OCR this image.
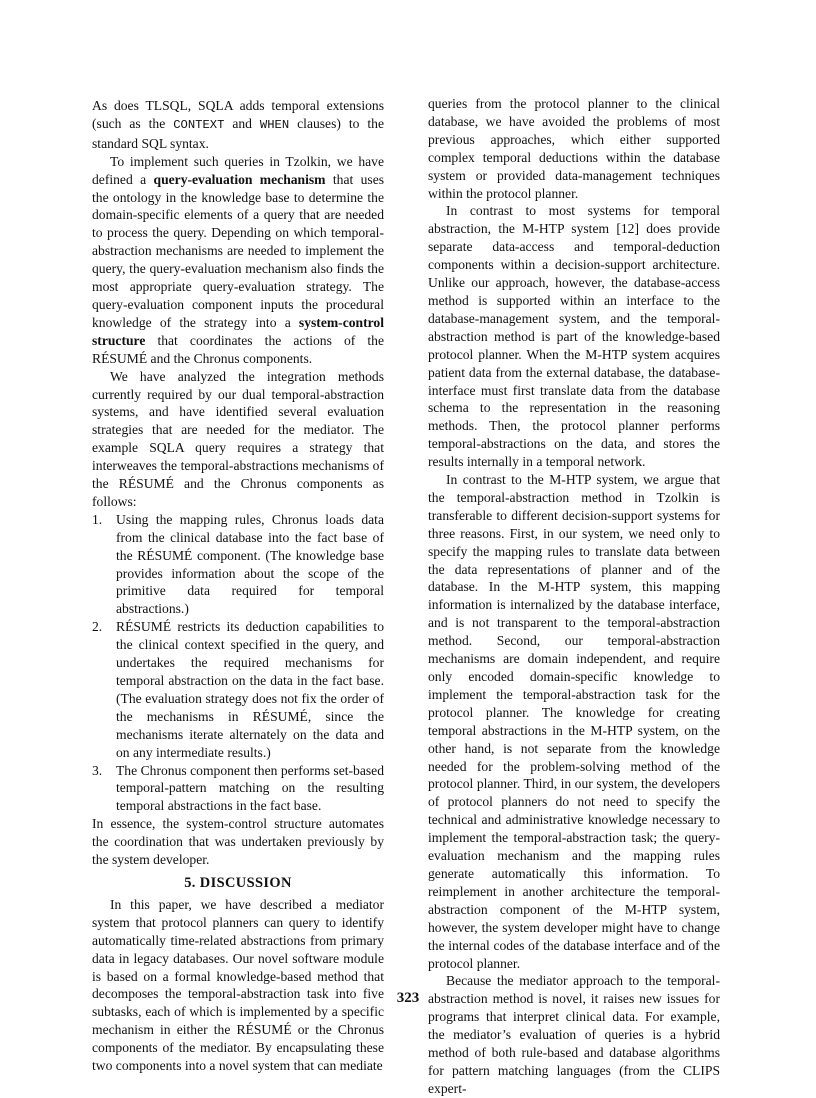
As does TLSQL, SQLA adds temporal extensions (such as the CONTEXT and WHEN clauses) to the standard SQL syntax.

To implement such queries in Tzolkin, we have defined a query-evaluation mechanism that uses the ontology in the knowledge base to determine the domain-specific elements of a query that are needed to process the query. Depending on which temporal-abstraction mechanisms are needed to implement the query, the query-evaluation mechanism also finds the most appropriate query-evaluation strategy. The query-evaluation component inputs the procedural knowledge of the strategy into a system-control structure that coordinates the actions of the RÉSUMÉ and the Chronus components.

We have analyzed the integration methods currently required by our dual temporal-abstraction systems, and have identified several evaluation strategies that are needed for the mediator. The example SQLA query requires a strategy that interweaves the temporal-abstractions mechanisms of the RÉSUMÉ and the Chronus components as follows:

1. Using the mapping rules, Chronus loads data from the clinical database into the fact base of the RÉSUMÉ component. (The knowledge base provides information about the scope of the primitive data required for temporal abstractions.)
2. RÉSUMÉ restricts its deduction capabilities to the clinical context specified in the query, and undertakes the required mechanisms for temporal abstraction on the data in the fact base. (The evaluation strategy does not fix the order of the mechanisms in RÉSUMÉ, since the mechanisms iterate alternately on the data and on any intermediate results.)
3. The Chronus component then performs set-based temporal-pattern matching on the resulting temporal abstractions in the fact base.

In essence, the system-control structure automates the coordination that was undertaken previously by the system developer.

5. DISCUSSION

In this paper, we have described a mediator system that protocol planners can query to identify automatically time-related abstractions from primary data in legacy databases. Our novel software module is based on a formal knowledge-based method that decomposes the temporal-abstraction task into five subtasks, each of which is implemented by a specific mechanism in either the RÉSUMÉ or the Chronus components of the mediator. By encapsulating these two components into a novel system that can mediate

queries from the protocol planner to the clinical database, we have avoided the problems of most previous approaches, which either supported complex temporal deductions within the database system or provided data-management techniques within the protocol planner.

In contrast to most systems for temporal abstraction, the M-HTP system [12] does provide separate data-access and temporal-deduction components within a decision-support architecture. Unlike our approach, however, the database-access method is supported within an interface to the database-management system, and the temporal-abstraction method is part of the knowledge-based protocol planner. When the M-HTP system acquires patient data from the external database, the database-interface must first translate data from the database schema to the representation in the reasoning methods. Then, the protocol planner performs temporal-abstractions on the data, and stores the results internally in a temporal network.

In contrast to the M-HTP system, we argue that the temporal-abstraction method in Tzolkin is transferable to different decision-support systems for three reasons. First, in our system, we need only to specify the mapping rules to translate data between the data representations of planner and of the database. In the M-HTP system, this mapping information is internalized by the database interface, and is not transparent to the temporal-abstraction method. Second, our temporal-abstraction mechanisms are domain independent, and require only encoded domain-specific knowledge to implement the temporal-abstraction task for the protocol planner. The knowledge for creating temporal abstractions in the M-HTP system, on the other hand, is not separate from the knowledge needed for the problem-solving method of the protocol planner. Third, in our system, the developers of protocol planners do not need to specify the technical and administrative knowledge necessary to implement the temporal-abstraction task; the query-evaluation mechanism and the mapping rules generate automatically this information. To reimplement in another architecture the temporal-abstraction component of the M-HTP system, however, the system developer might have to change the internal codes of the database interface and of the protocol planner.

Because the mediator approach to the temporal-abstraction method is novel, it raises new issues for programs that interpret clinical data. For example, the mediator’s evaluation of queries is a hybrid method of both rule-based and database algorithms for pattern matching languages (from the CLIPS expert-

323
